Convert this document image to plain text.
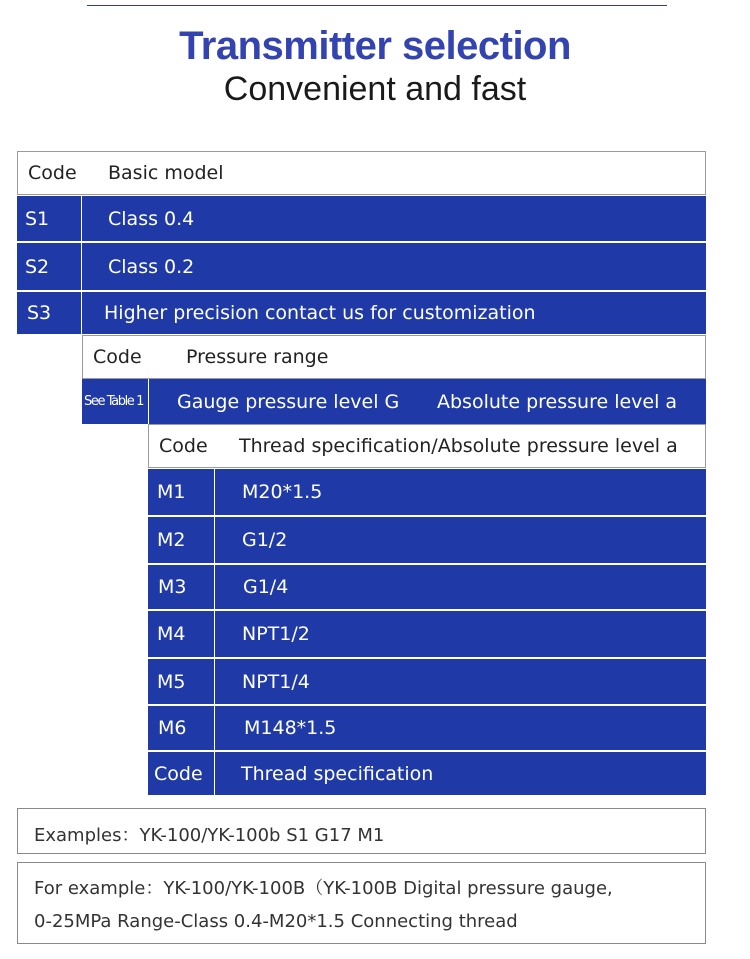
Transmitter selection
Convenient and fast
Code Basic model
S1	Class 0.4
S2	Class 0.2
S3	Higher precision contact us for customization
Code Pressure range
See Table 1 Gauge pressure level G Absolute pressure level a
Code Thread specification/Absolute pressure level a
M1	M20*1.5
M2	G1/2
M3	G1/4
M4	NPT1/2
M5	NPT1/4
M6	M148*1.5
Code Thread specification
Examples：YK-100/YK-100b S1 G17 M1
For example：YK-100/YK-100B（YK-100B Digital pressure gauge,
0-25MPa Range-Class 0.4-M20*1.5 Connecting thread
